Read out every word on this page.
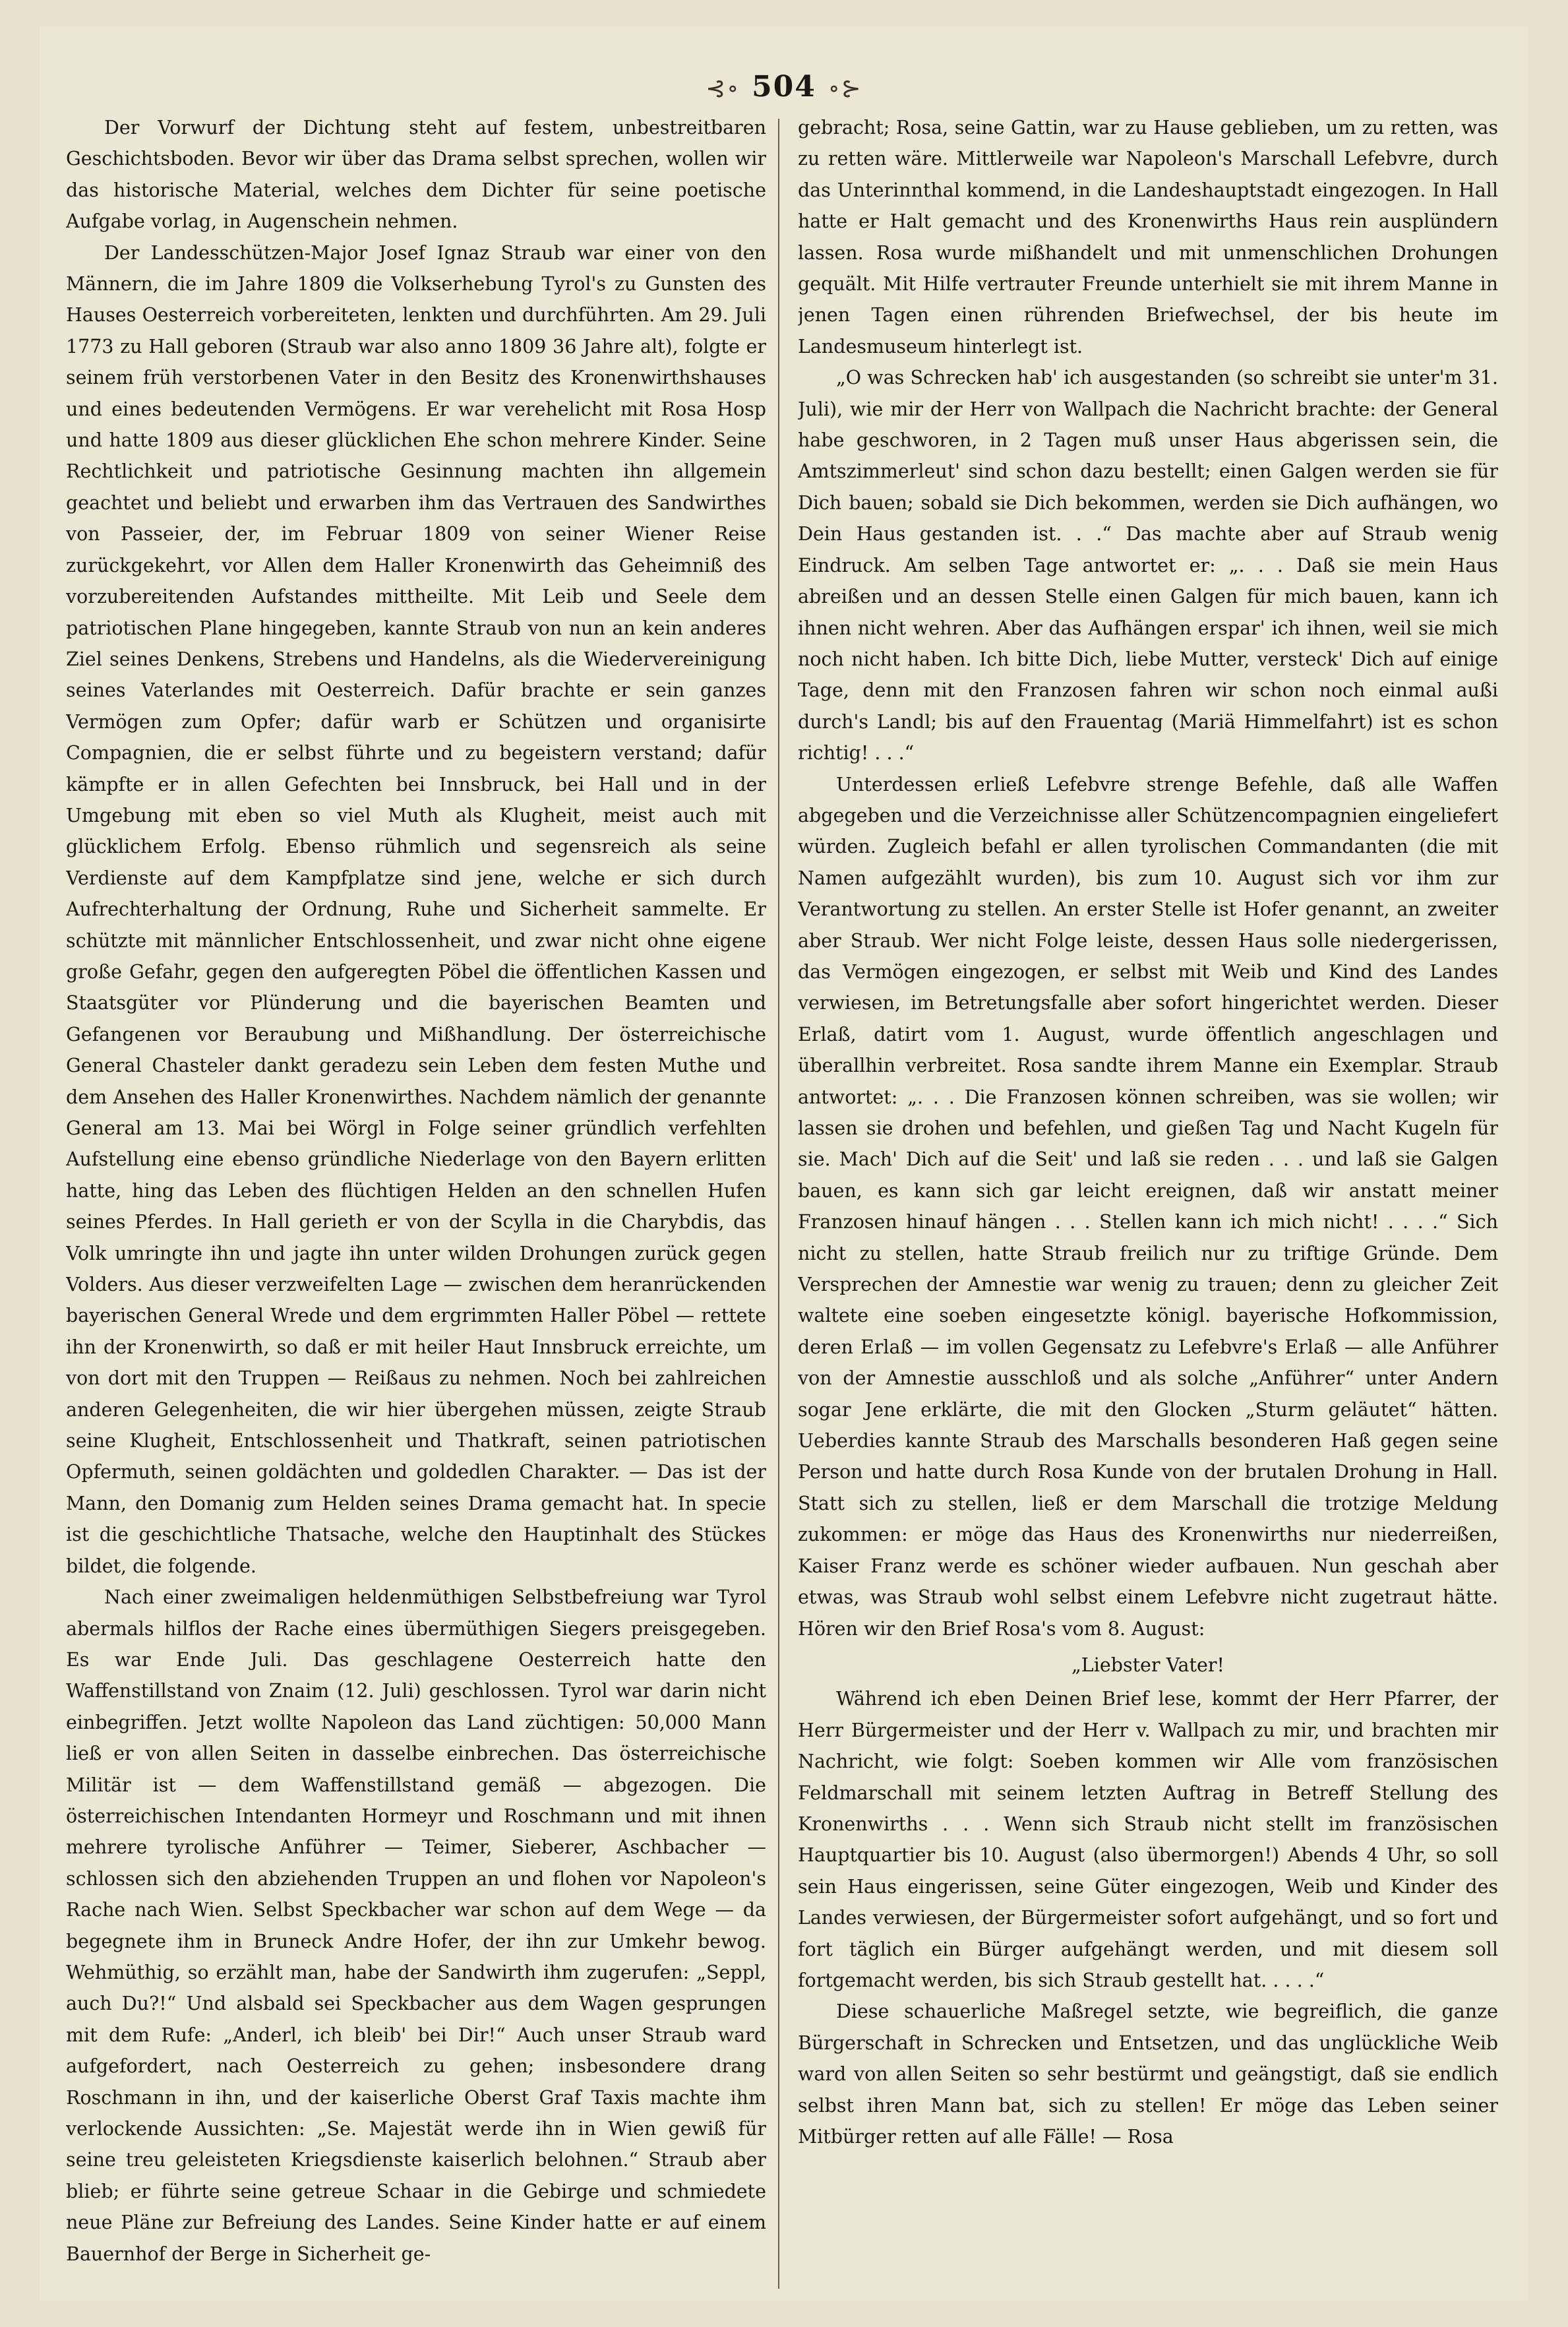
⊰∘ 504 ∘⊱

Der Vorwurf der Dichtung steht auf festem, unbestreitbaren Geschichtsboden. Bevor wir über das Drama selbst sprechen, wollen wir das historische Material, welches dem Dichter für seine poetische Aufgabe vorlag, in Augenschein nehmen.

Der Landesschützen-Major Josef Ignaz Straub war einer von den Männern, die im Jahre 1809 die Volkserhebung Tyrol's zu Gunsten des Hauses Oesterreich vorbereiteten, lenkten und durchführten. Am 29. Juli 1773 zu Hall geboren (Straub war also anno 1809 36 Jahre alt), folgte er seinem früh verstorbenen Vater in den Besitz des Kronenwirthshauses und eines bedeutenden Vermögens. Er war verehelicht mit Rosa Hosp und hatte 1809 aus dieser glücklichen Ehe schon mehrere Kinder. Seine Rechtlichkeit und patriotische Gesinnung machten ihn allgemein geachtet und beliebt und erwarben ihm das Vertrauen des Sandwirthes von Passeier, der, im Februar 1809 von seiner Wiener Reise zurückgekehrt, vor Allen dem Haller Kronenwirth das Geheimniß des vorzubereitenden Aufstandes mittheilte. Mit Leib und Seele dem patriotischen Plane hingegeben, kannte Straub von nun an kein anderes Ziel seines Denkens, Strebens und Handelns, als die Wiedervereinigung seines Vaterlandes mit Oesterreich. Dafür brachte er sein ganzes Vermögen zum Opfer; dafür warb er Schützen und organisirte Compagnien, die er selbst führte und zu begeistern verstand; dafür kämpfte er in allen Gefechten bei Innsbruck, bei Hall und in der Umgebung mit eben so viel Muth als Klugheit, meist auch mit glücklichem Erfolg. Ebenso rühmlich und segensreich als seine Verdienste auf dem Kampfplatze sind jene, welche er sich durch Aufrechterhaltung der Ordnung, Ruhe und Sicherheit sammelte. Er schützte mit männlicher Entschlossenheit, und zwar nicht ohne eigene große Gefahr, gegen den aufgeregten Pöbel die öffentlichen Kassen und Staatsgüter vor Plünderung und die bayerischen Beamten und Gefangenen vor Beraubung und Mißhandlung. Der österreichische General Chasteler dankt geradezu sein Leben dem festen Muthe und dem Ansehen des Haller Kronenwirthes. Nachdem nämlich der genannte General am 13. Mai bei Wörgl in Folge seiner gründlich verfehlten Aufstellung eine ebenso gründliche Niederlage von den Bayern erlitten hatte, hing das Leben des flüchtigen Helden an den schnellen Hufen seines Pferdes. In Hall gerieth er von der Scylla in die Charybdis, das Volk umringte ihn und jagte ihn unter wilden Drohungen zurück gegen Volders. Aus dieser verzweifelten Lage — zwischen dem heranrückenden bayerischen General Wrede und dem ergrimmten Haller Pöbel — rettete ihn der Kronenwirth, so daß er mit heiler Haut Innsbruck erreichte, um von dort mit den Truppen — Reißaus zu nehmen. Noch bei zahlreichen anderen Gelegenheiten, die wir hier übergehen müssen, zeigte Straub seine Klugheit, Entschlossenheit und Thatkraft, seinen patriotischen Opfermuth, seinen goldächten und goldedlen Charakter. — Das ist der Mann, den Domanig zum Helden seines Drama gemacht hat. In specie ist die geschichtliche Thatsache, welche den Hauptinhalt des Stückes bildet, die folgende.

Nach einer zweimaligen heldenmüthigen Selbstbefreiung war Tyrol abermals hilflos der Rache eines übermüthigen Siegers preisgegeben. Es war Ende Juli. Das geschlagene Oesterreich hatte den Waffenstillstand von Znaim (12. Juli) geschlossen. Tyrol war darin nicht einbegriffen. Jetzt wollte Napoleon das Land züchtigen: 50,000 Mann ließ er von allen Seiten in dasselbe einbrechen. Das österreichische Militär ist — dem Waffenstillstand gemäß — abgezogen. Die österreichischen Intendanten Hormeyr und Roschmann und mit ihnen mehrere tyrolische Anführer — Teimer, Sieberer, Aschbacher — schlossen sich den abziehenden Truppen an und flohen vor Napoleon's Rache nach Wien. Selbst Speckbacher war schon auf dem Wege — da begegnete ihm in Bruneck Andre Hofer, der ihn zur Umkehr bewog. Wehmüthig, so erzählt man, habe der Sandwirth ihm zugerufen: „Seppl, auch Du?!“ Und alsbald sei Speckbacher aus dem Wagen gesprungen mit dem Rufe: „Anderl, ich bleib' bei Dir!“ Auch unser Straub ward aufgefordert, nach Oesterreich zu gehen; insbesondere drang Roschmann in ihn, und der kaiserliche Oberst Graf Taxis machte ihm verlockende Aussichten: „Se. Majestät werde ihn in Wien gewiß für seine treu geleisteten Kriegsdienste kaiserlich belohnen.“ Straub aber blieb; er führte seine getreue Schaar in die Gebirge und schmiedete neue Pläne zur Befreiung des Landes. Seine Kinder hatte er auf einem Bauernhof der Berge in Sicherheit ge-

gebracht; Rosa, seine Gattin, war zu Hause geblieben, um zu retten, was zu retten wäre. Mittlerweile war Napoleon's Marschall Lefebvre, durch das Unterinnthal kommend, in die Landeshauptstadt eingezogen. In Hall hatte er Halt gemacht und des Kronenwirths Haus rein ausplündern lassen. Rosa wurde mißhandelt und mit unmenschlichen Drohungen gequält. Mit Hilfe vertrauter Freunde unterhielt sie mit ihrem Manne in jenen Tagen einen rührenden Briefwechsel, der bis heute im Landesmuseum hinterlegt ist.

„O was Schrecken hab' ich ausgestanden (so schreibt sie unter'm 31. Juli), wie mir der Herr von Wallpach die Nachricht brachte: der General habe geschworen, in 2 Tagen muß unser Haus abgerissen sein, die Amtszimmerleut' sind schon dazu bestellt; einen Galgen werden sie für Dich bauen; sobald sie Dich bekommen, werden sie Dich aufhängen, wo Dein Haus gestanden ist. . .“ Das machte aber auf Straub wenig Eindruck. Am selben Tage antwortet er: „. . . Daß sie mein Haus abreißen und an dessen Stelle einen Galgen für mich bauen, kann ich ihnen nicht wehren. Aber das Aufhängen erspar' ich ihnen, weil sie mich noch nicht haben. Ich bitte Dich, liebe Mutter, versteck' Dich auf einige Tage, denn mit den Franzosen fahren wir schon noch einmal außi durch's Landl; bis auf den Frauentag (Mariä Himmelfahrt) ist es schon richtig! . . .“

Unterdessen erließ Lefebvre strenge Befehle, daß alle Waffen abgegeben und die Verzeichnisse aller Schützencompagnien eingeliefert würden. Zugleich befahl er allen tyrolischen Commandanten (die mit Namen aufgezählt wurden), bis zum 10. August sich vor ihm zur Verantwortung zu stellen. An erster Stelle ist Hofer genannt, an zweiter aber Straub. Wer nicht Folge leiste, dessen Haus solle niedergerissen, das Vermögen eingezogen, er selbst mit Weib und Kind des Landes verwiesen, im Betretungsfalle aber sofort hingerichtet werden. Dieser Erlaß, datirt vom 1. August, wurde öffentlich angeschlagen und überallhin verbreitet. Rosa sandte ihrem Manne ein Exemplar. Straub antwortet: „. . . Die Franzosen können schreiben, was sie wollen; wir lassen sie drohen und befehlen, und gießen Tag und Nacht Kugeln für sie. Mach' Dich auf die Seit' und laß sie reden . . . und laß sie Galgen bauen, es kann sich gar leicht ereignen, daß wir anstatt meiner Franzosen hinauf hängen . . . Stellen kann ich mich nicht! . . . .“ Sich nicht zu stellen, hatte Straub freilich nur zu triftige Gründe. Dem Versprechen der Amnestie war wenig zu trauen; denn zu gleicher Zeit waltete eine soeben eingesetzte königl. bayerische Hofkommission, deren Erlaß — im vollen Gegensatz zu Lefebvre's Erlaß — alle Anführer von der Amnestie ausschloß und als solche „Anführer“ unter Andern sogar Jene erklärte, die mit den Glocken „Sturm geläutet“ hätten. Ueberdies kannte Straub des Marschalls besonderen Haß gegen seine Person und hatte durch Rosa Kunde von der brutalen Drohung in Hall. Statt sich zu stellen, ließ er dem Marschall die trotzige Meldung zukommen: er möge das Haus des Kronenwirths nur niederreißen, Kaiser Franz werde es schöner wieder aufbauen. Nun geschah aber etwas, was Straub wohl selbst einem Lefebvre nicht zugetraut hätte. Hören wir den Brief Rosa's vom 8. August:

„Liebster Vater!

Während ich eben Deinen Brief lese, kommt der Herr Pfarrer, der Herr Bürgermeister und der Herr v. Wallpach zu mir, und brachten mir Nachricht, wie folgt: Soeben kommen wir Alle vom französischen Feldmarschall mit seinem letzten Auftrag in Betreff Stellung des Kronenwirths . . . Wenn sich Straub nicht stellt im französischen Hauptquartier bis 10. August (also übermorgen!) Abends 4 Uhr, so soll sein Haus eingerissen, seine Güter eingezogen, Weib und Kinder des Landes verwiesen, der Bürgermeister sofort aufgehängt, und so fort und fort täglich ein Bürger aufgehängt werden, und mit diesem soll fortgemacht werden, bis sich Straub gestellt hat. . . . .“

Diese schauerliche Maßregel setzte, wie begreiflich, die ganze Bürgerschaft in Schrecken und Entsetzen, und das unglückliche Weib ward von allen Seiten so sehr bestürmt und geängstigt, daß sie endlich selbst ihren Mann bat, sich zu stellen! Er möge das Leben seiner Mitbürger retten auf alle Fälle! — Rosa
